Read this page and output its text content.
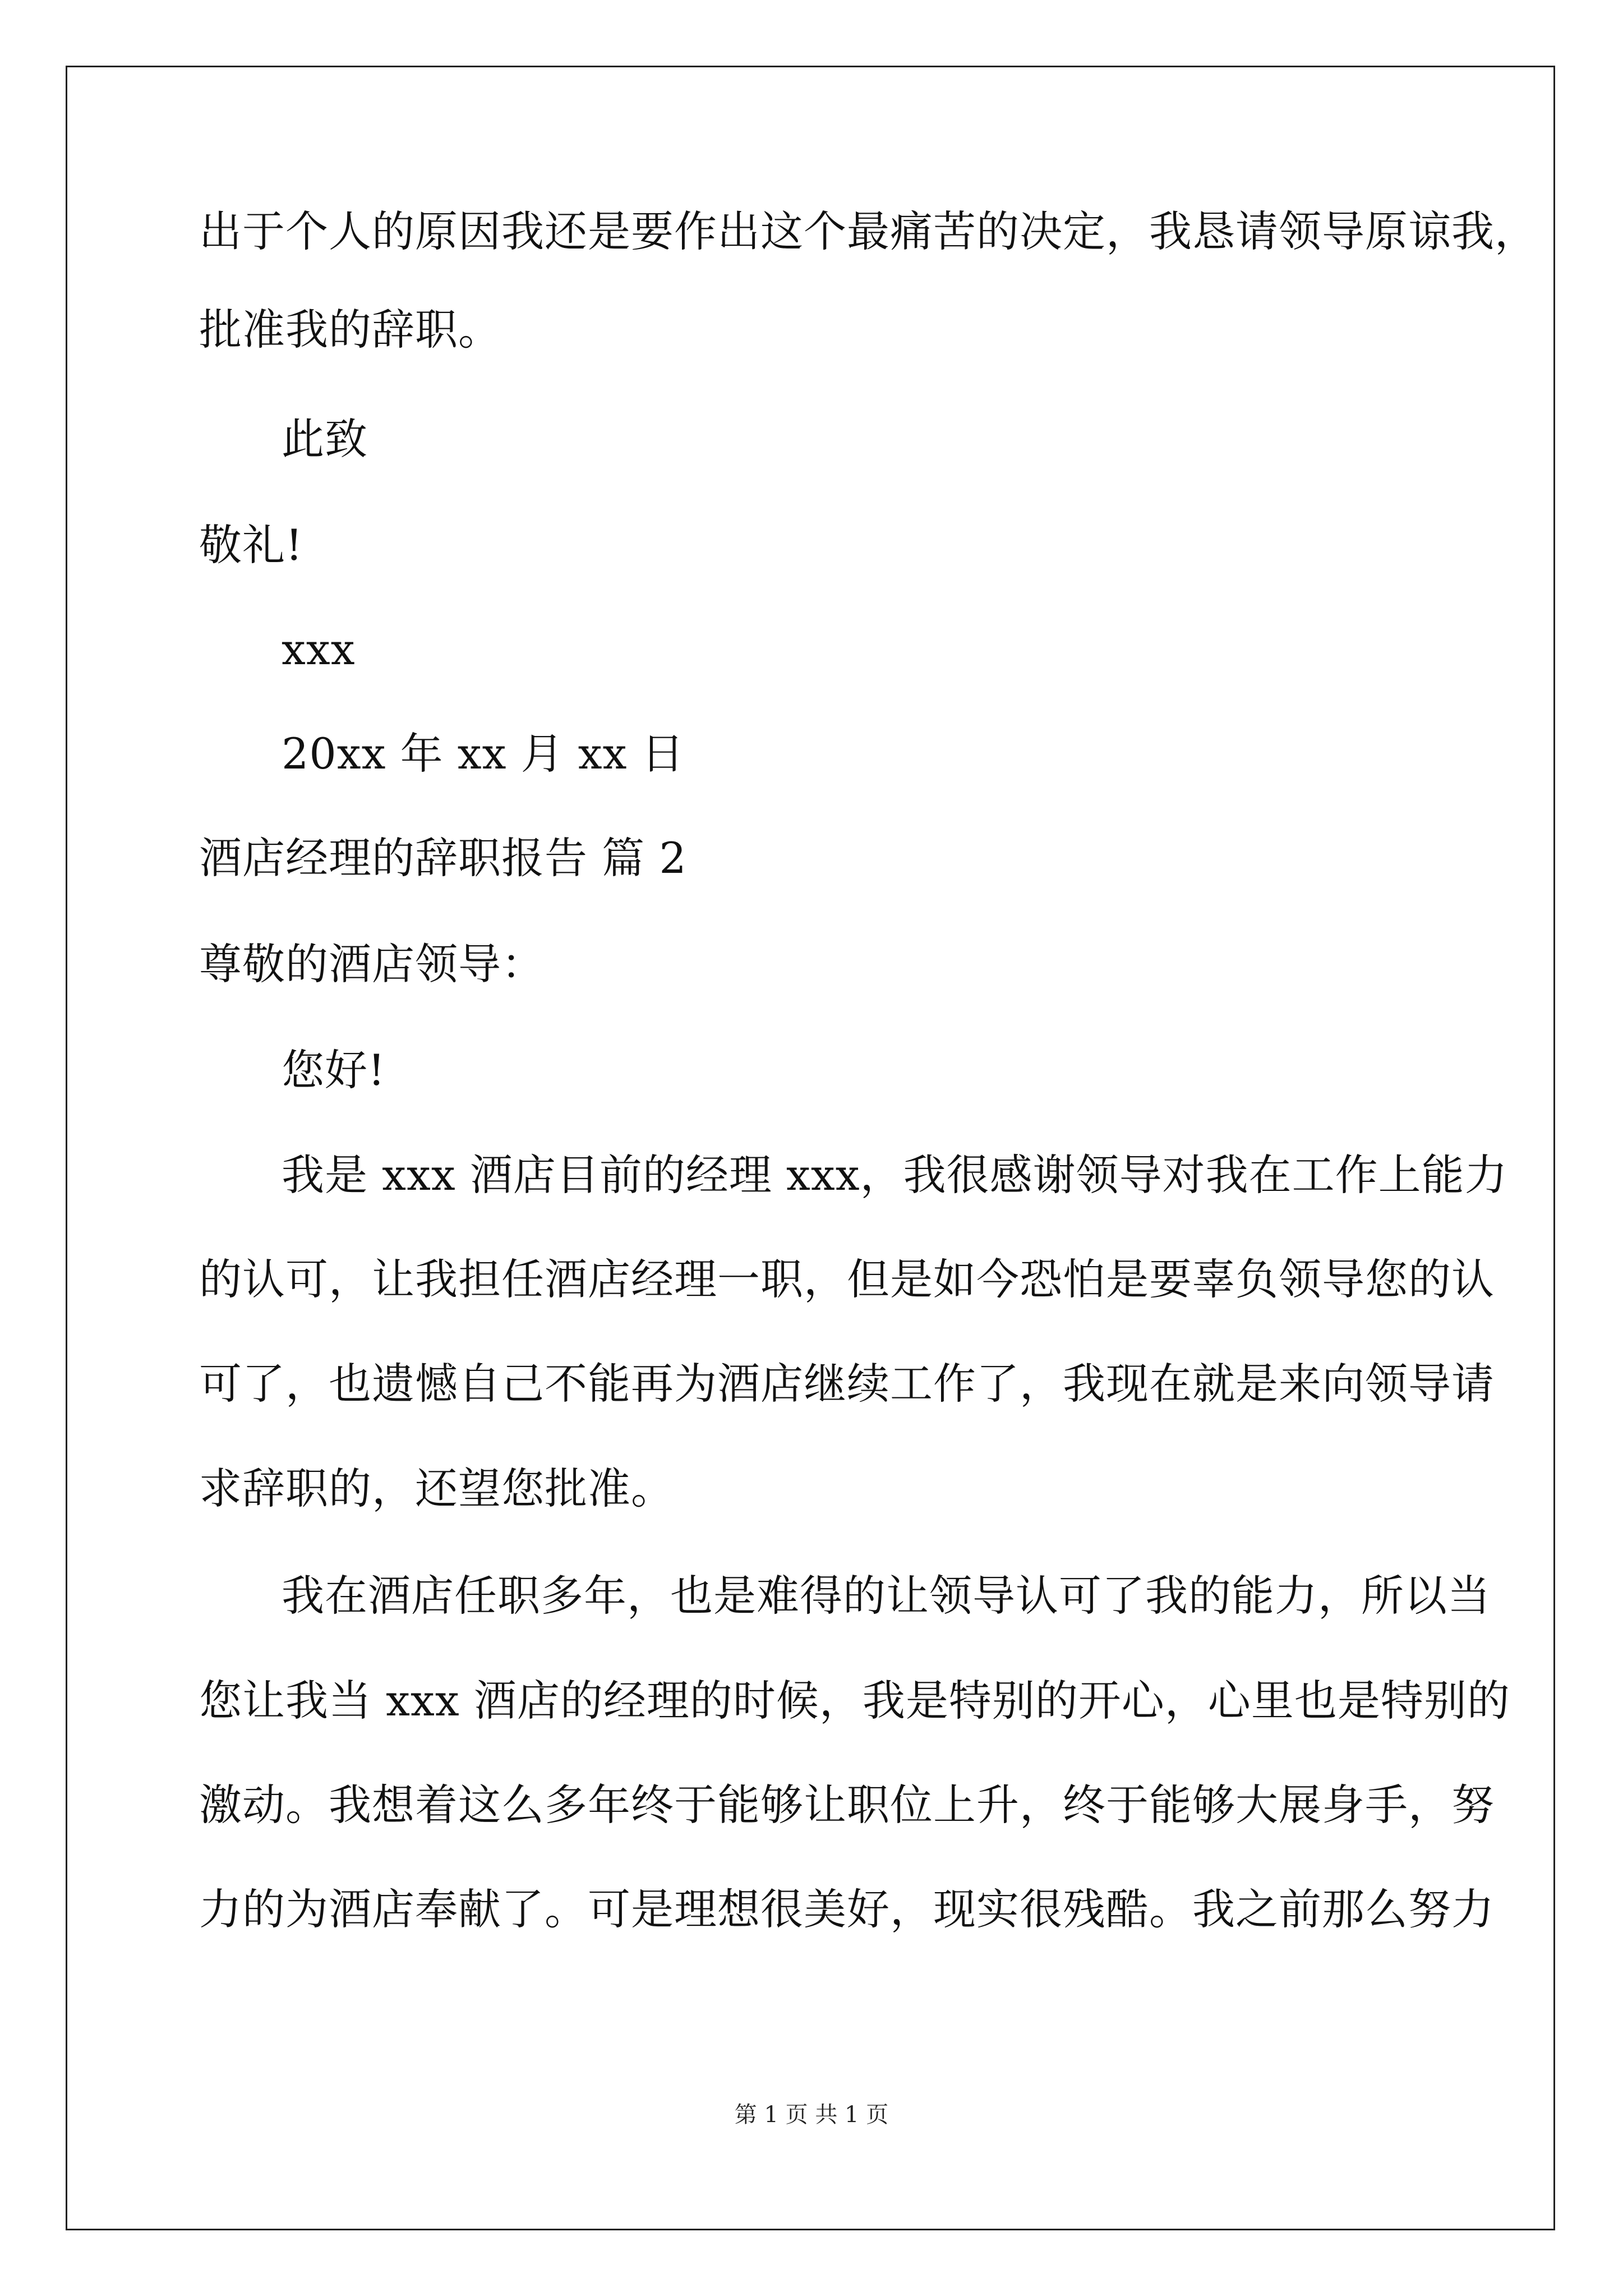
出于个人的原因我还是要作出这个最痛苦的决定，我恳请领导原谅我，
批准我的辞职。
此致
敬礼!
xxx
20xx 年 xx 月 xx 日
酒店经理的辞职报告 篇 2
尊敬的酒店领导：
您好!
我是 xxx 酒店目前的经理 xxx，我很感谢领导对我在工作上能力
的认可，让我担任酒店经理一职，但是如今恐怕是要辜负领导您的认
可了，也遗憾自己不能再为酒店继续工作了，我现在就是来向领导请
求辞职的，还望您批准。
我在酒店任职多年，也是难得的让领导认可了我的能力，所以当
您让我当 xxx 酒店的经理的时候，我是特别的开心，心里也是特别的
激动。我想着这么多年终于能够让职位上升，终于能够大展身手，努
力的为酒店奉献了。可是理想很美好，现实很残酷。我之前那么努力
第 1 页 共 1 页
